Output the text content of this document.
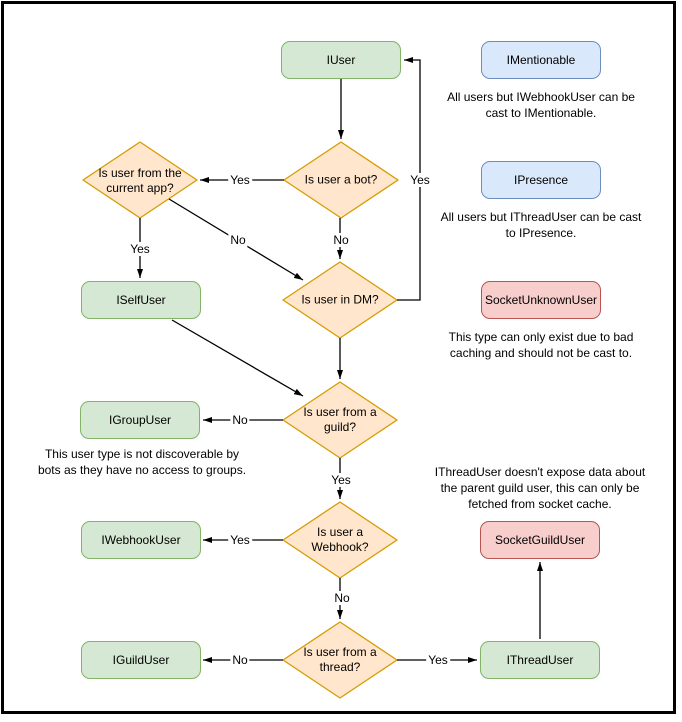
IUser	IMentionable
IPresence
SocketUnknownUser
ISelfUser
IGroupUser
IWebhookUser
IGuildUser
SocketGuildUser
IThreadUser
Is user a bot?
Is user from the current app?
Is user in DM?
Is user from a guild?
Is user a Webhook?
Is user from a thread?
Yes
No
Yes
No
Yes
No
Yes
Yes
No
No	Yes
All users but IWebhookUser can be cast to IMentionable.
All users but IThreadUser can be cast to IPresence.
This type can only exist due to bad caching and should not be cast to.
This user type is not discoverable by bots as they have no access to groups.	IThreadUser doesn't expose data about the parent guild user, this can only be fetched from socket cache.
